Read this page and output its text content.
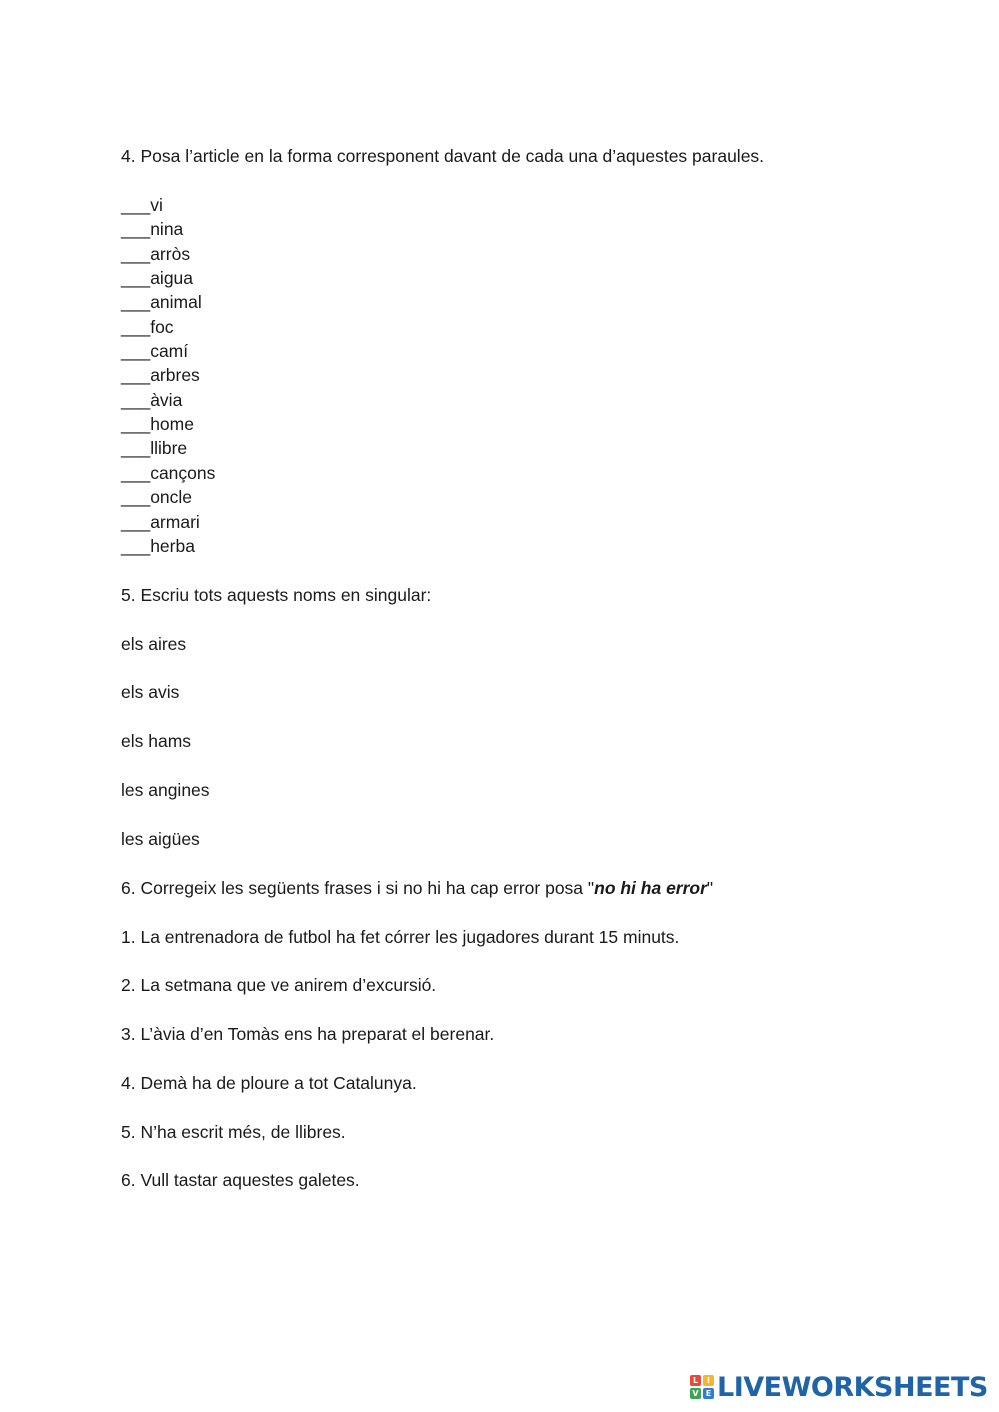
4. Posa l’article en la forma corresponent davant de cada una d’aquestes paraules.
___vi
___nina
___arròs
___aigua
___animal
___foc
___camí
___arbres
___àvia
___home
___llibre
___cançons
___oncle
___armari
___herba
5. Escriu tots aquests noms en singular:
els aires
els avis
els hams
les angines
les aigües
6. Corregeix les següents frases i si no hi ha cap error posa "no hi ha error"
1. La entrenadora de futbol ha fet córrer les jugadores durant 15 minuts.
2. La setmana que ve anirem d’excursió.
3. L’àvia d’en Tomàs ens ha preparat el berenar.
4. Demà ha de ploure a tot Catalunya.
5. N’ha escrit més, de llibres.
6. Vull tastar aquestes galetes.
L	I
V E LIVEWORKSHEETS
